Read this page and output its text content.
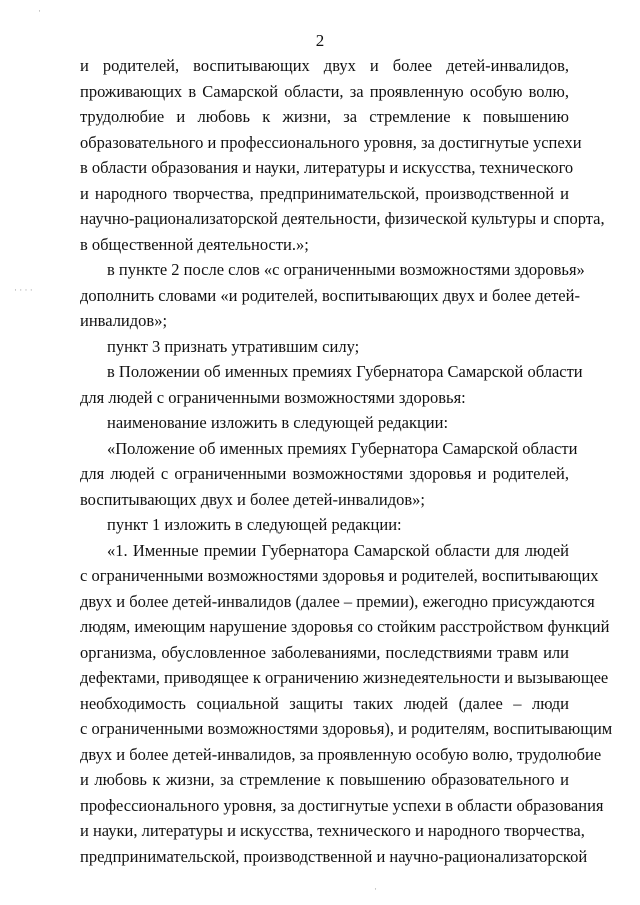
·
· · · ·
·
2
и родителей, воспитывающих двух и более детей-инвалидов,
проживающих в Самарской области, за проявленную особую волю,
трудолюбие и любовь к жизни, за стремление к повышению
образовательного и профессионального уровня, за достигнутые успехи
в области образования и науки, литературы и искусства, технического
и народного творчества, предпринимательской, производственной и
научно-рационализаторской деятельности, физической культуры и спорта,
в общественной деятельности.»;
в пункте 2 после слов «с ограниченными возможностями здоровья»
дополнить словами «и родителей, воспитывающих двух и более детей-
инвалидов»;
пункт 3 признать утратившим силу;
в Положении об именных премиях Губернатора Самарской области
для людей с ограниченными возможностями здоровья:
наименование изложить в следующей редакции:
«Положение об именных премиях Губернатора Самарской области
для людей с ограниченными возможностями здоровья и родителей,
воспитывающих двух и более детей-инвалидов»;
пункт 1 изложить в следующей редакции:
«1. Именные премии Губернатора Самарской области для людей
с ограниченными возможностями здоровья и родителей, воспитывающих
двух и более детей-инвалидов (далее – премии), ежегодно присуждаются
людям, имеющим нарушение здоровья со стойким расстройством функций
организма, обусловленное заболеваниями, последствиями травм или
дефектами, приводящее к ограничению жизнедеятельности и вызывающее
необходимость социальной защиты таких людей (далее – люди
с ограниченными возможностями здоровья), и родителям, воспитывающим
двух и более детей-инвалидов, за проявленную особую волю, трудолюбие
и любовь к жизни, за стремление к повышению образовательного и
профессионального уровня, за достигнутые успехи в области образования
и науки, литературы и искусства, технического и народного творчества,
предпринимательской, производственной и научно-рационализаторской
